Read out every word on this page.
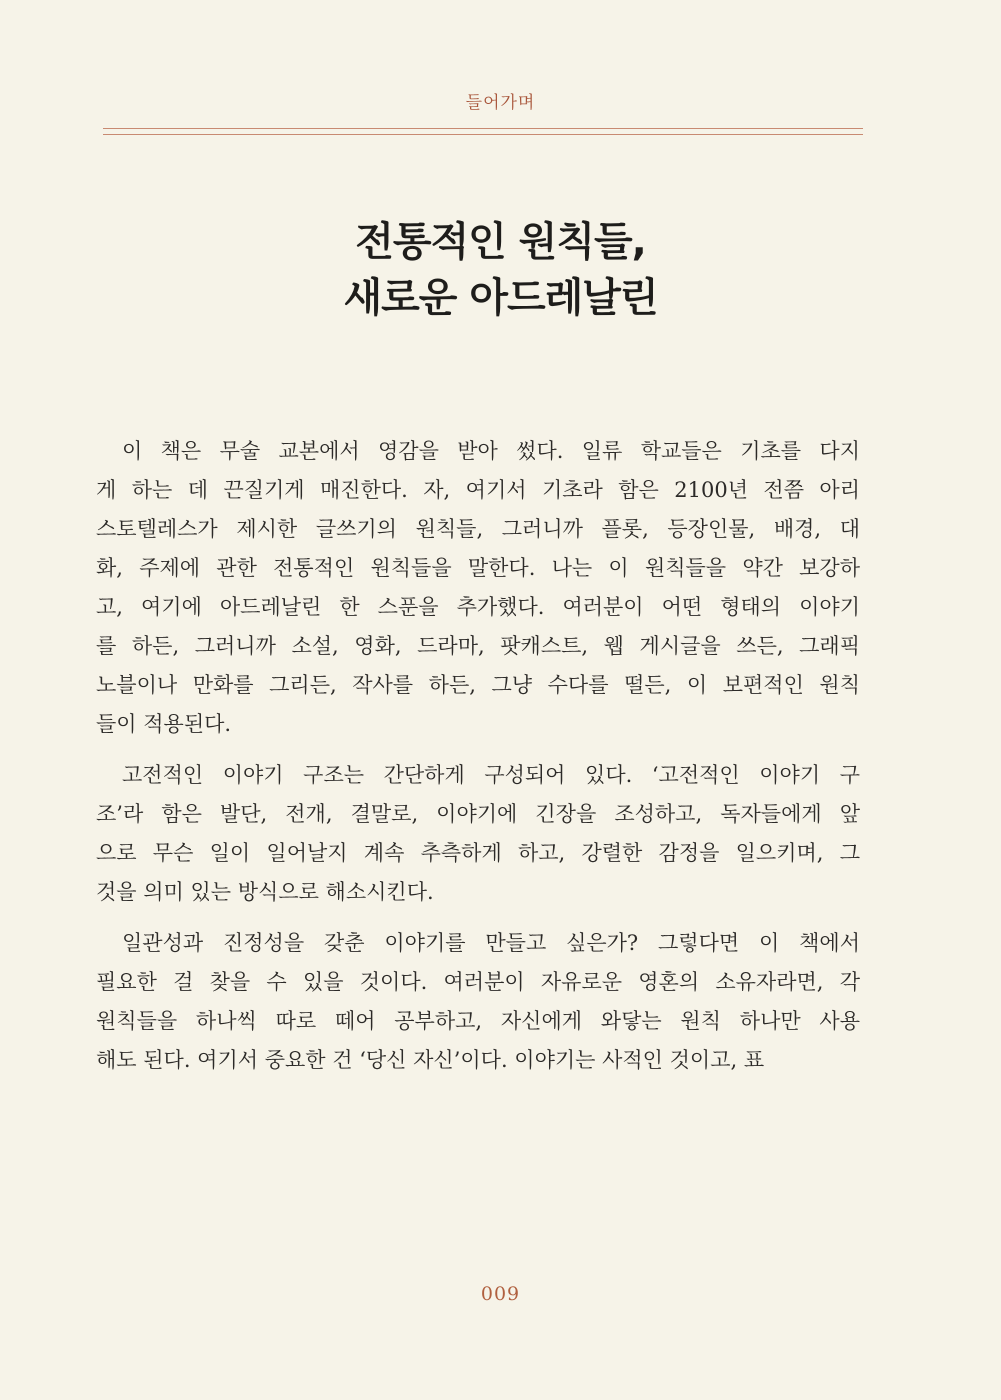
들어가며
전통적인 원칙들,
새로운 아드레날린
이 책은 무술 교본에서 영감을 받아 썼다. 일류 학교들은 기초를 다지
게 하는 데 끈질기게 매진한다. 자, 여기서 기초라 함은 2100년 전쯤 아리
스토텔레스가 제시한 글쓰기의 원칙들, 그러니까 플롯, 등장인물, 배경, 대
화, 주제에 관한 전통적인 원칙들을 말한다. 나는 이 원칙들을 약간 보강하
고, 여기에 아드레날린 한 스푼을 추가했다. 여러분이 어떤 형태의 이야기
를 하든, 그러니까 소설, 영화, 드라마, 팟캐스트, 웹 게시글을 쓰든, 그래픽
노블이나 만화를 그리든, 작사를 하든, 그냥 수다를 떨든, 이 보편적인 원칙
들이 적용된다.
고전적인 이야기 구조는 간단하게 구성되어 있다. ‘고전적인 이야기 구
조’라 함은 발단, 전개, 결말로, 이야기에 긴장을 조성하고, 독자들에게 앞
으로 무슨 일이 일어날지 계속 추측하게 하고, 강렬한 감정을 일으키며, 그
것을 의미 있는 방식으로 해소시킨다.
일관성과 진정성을 갖춘 이야기를 만들고 싶은가? 그렇다면 이 책에서
필요한 걸 찾을 수 있을 것이다. 여러분이 자유로운 영혼의 소유자라면, 각
원칙들을 하나씩 따로 떼어 공부하고, 자신에게 와닿는 원칙 하나만 사용
해도 된다. 여기서 중요한 건 ‘당신 자신’이다. 이야기는 사적인 것이고, 표
009
